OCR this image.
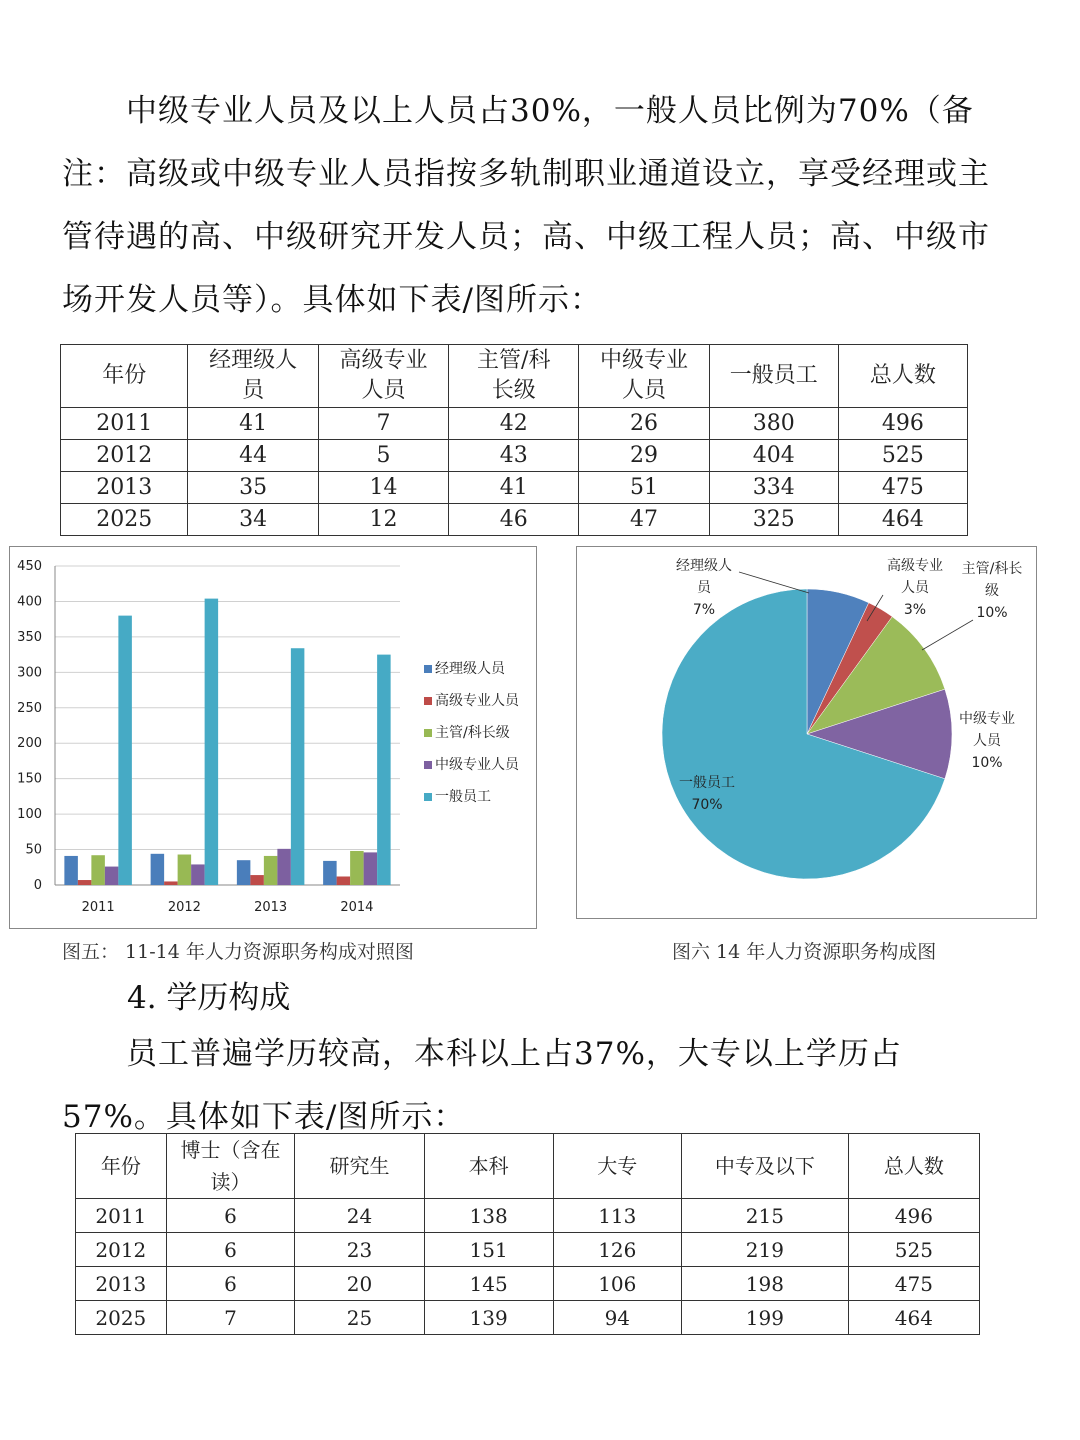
中级专业人员及以上人员占30%，一般人员比例为70%（备注：高级或中级专业人员指按多轨制职业通道设立，享受经理或主管待遇的高、中级研究开发人员；高、中级工程人员；高、中级市场开发人员等）。具体如下表/图所示：
年份	经理级人员	高级专业人员	主管/科长级	中级专业人员	一般员工	总人数
2011	41	7	42	26	380	496
2012	44	5	43	29	404	525
2013	35	14	41	51	334	475
2025	34	12	46	47	325	464
0
50
100
150
200
250
300
350
400
450
2011	2012	2013	2014
经理级人员
高级专业人员
主管/科长级
中级专业人员
一般员工
经理级人
员
7%
高级专业
人员
3%
主管/科长
级
10%
中级专业
人员
10%
一般员工
70%
图五： 11-14 年人力资源职务构成对照图	图六 14 年人力资源职务构成图
4. 学历构成
员工普遍学历较高，本科以上占37%，大专以上学历占57%。具体如下表/图所示：
年份	博士（含在读）	研究生	本科	大专	中专及以下	总人数
2011	6	24	138	113	215	496
2012	6	23	151	126	219	525
2013	6	20	145	106	198	475
2025	7	25	139	94	199	464
